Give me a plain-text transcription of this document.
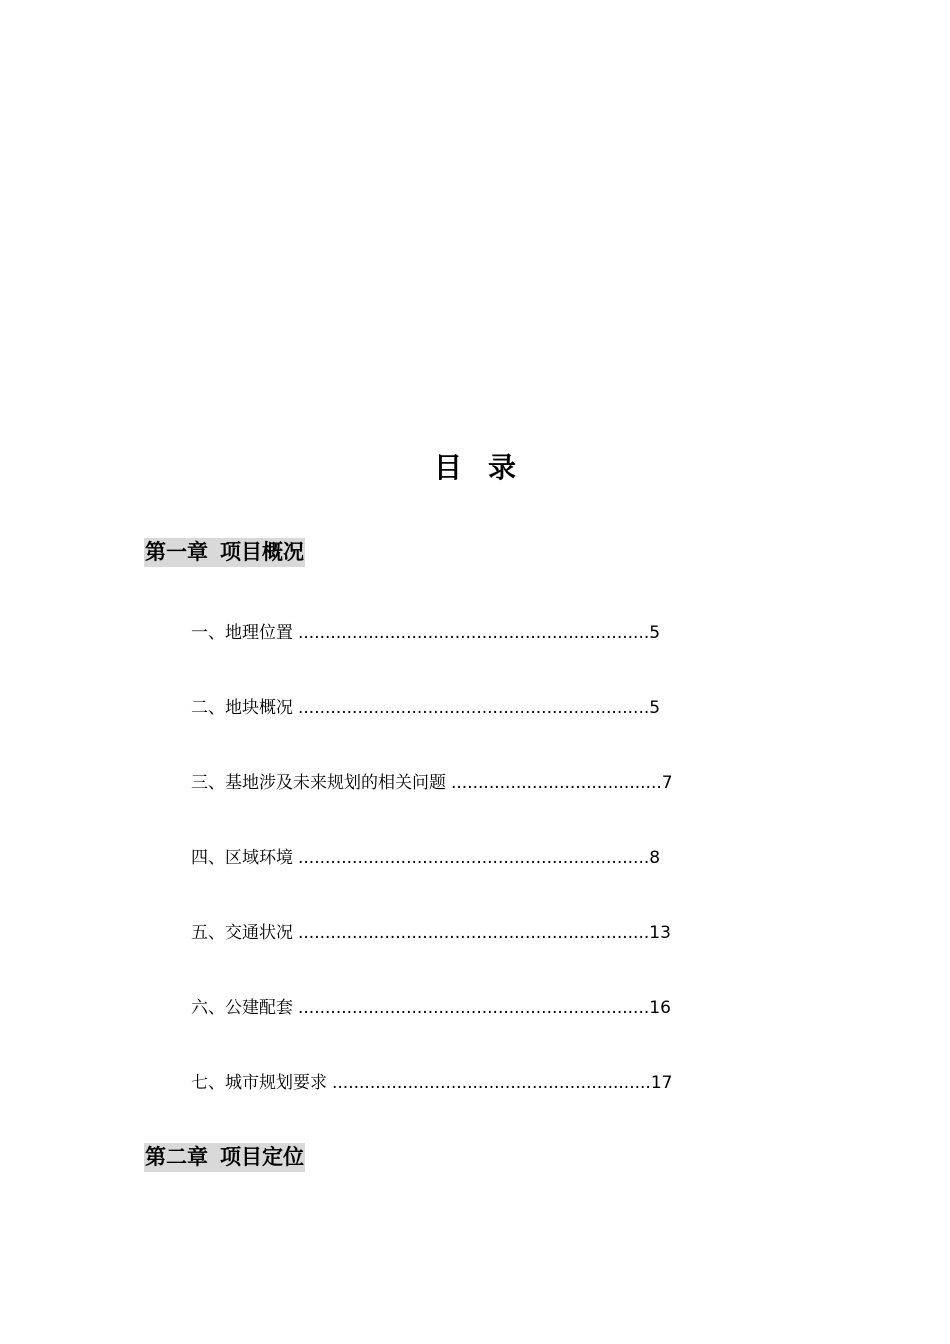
目录
第一章 项目概况
一、地理位置 .................................................................5
二、地块概况 .................................................................5
三、基地涉及未来规划的相关问题 .......................................7
四、区域环境 .................................................................8
五、交通状况 .................................................................13
六、公建配套 .................................................................16
七、城市规划要求 ...........................................................17
第二章 项目定位
